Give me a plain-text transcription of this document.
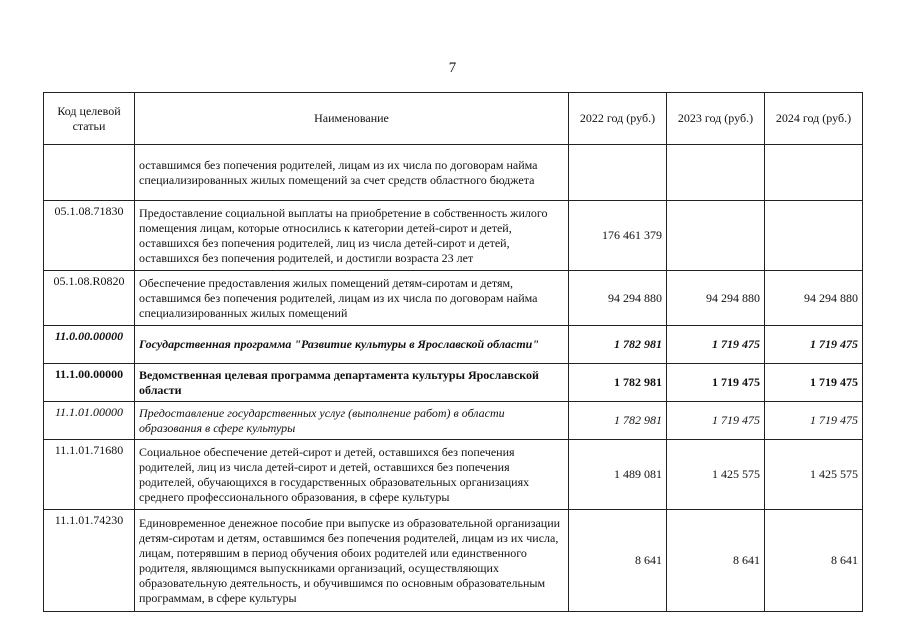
7
Код целевой статьи	Наименование	2022 год (руб.)	2023 год (руб.)	2024 год (руб.)
	оставшимся без попечения родителей, лицам из их числа по договорам найма специализированных жилых помещений за счет средств областного бюджета			
05.1.08.71830	Предоставление социальной выплаты на приобретение в собственность жилого помещения лицам, которые относились к категории детей-сирот и детей, оставшихся без попечения родителей, лиц из числа детей-сирот и детей, оставшихся без попечения родителей, и достигли возраста 23 лет	176 461 379		
05.1.08.R0820	Обеспечение предоставления жилых помещений детям-сиротам и детям, оставшимся без попечения родителей, лицам из их числа по договорам найма специализированных жилых помещений	94 294 880	94 294 880	94 294 880
11.0.00.00000	Государственная программа "Развитие культуры в Ярославской области"	1 782 981	1 719 475	1 719 475
11.1.00.00000	Ведомственная целевая программа департамента культуры Ярославской области	1 782 981	1 719 475	1 719 475
11.1.01.00000	Предоставление государственных услуг (выполнение работ) в области образования в сфере культуры	1 782 981	1 719 475	1 719 475
11.1.01.71680	Социальное обеспечение детей-сирот и детей, оставшихся без попечения родителей, лиц из числа детей-сирот и детей, оставшихся без попечения родителей, обучающихся в государственных образовательных организациях среднего профессионального образования, в сфере культуры	1 489 081	1 425 575	1 425 575
11.1.01.74230	Единовременное денежное пособие при выпуске из образовательной организации детям-сиротам и детям, оставшимся без попечения родителей, лицам из их числа, лицам, потерявшим в период обучения обоих родителей или единственного родителя, являющимся выпускниками организаций, осуществляющих образовательную деятельность, и обучившимся по основным образовательным программам, в сфере культуры	8 641	8 641	8 641
